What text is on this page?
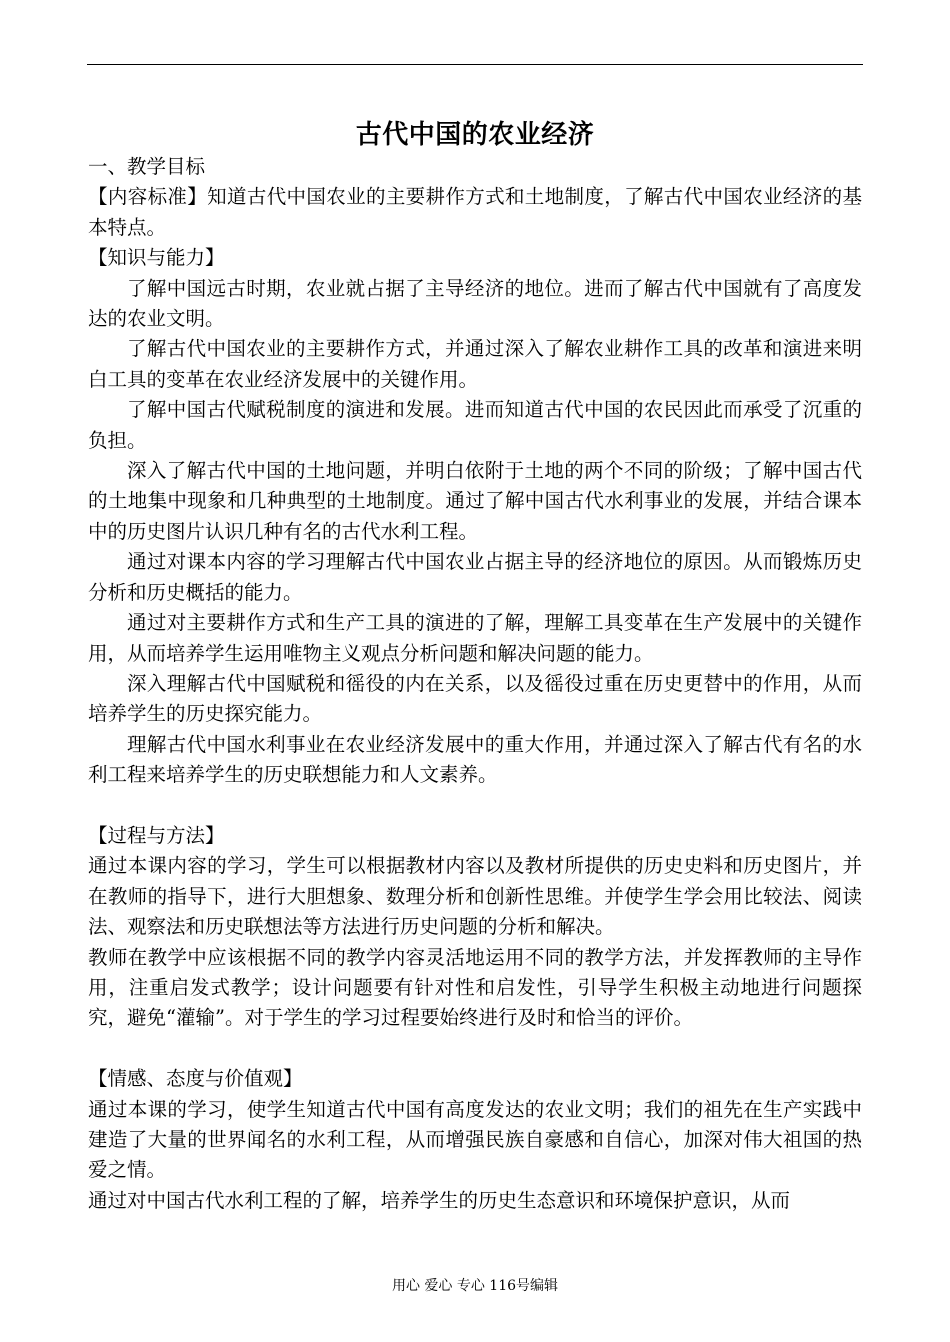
古代中国的农业经济

一、教学目标

【内容标准】知道古代中国农业的主要耕作方式和土地制度，了解古代中国农业经济的基本特点。

【知识与能力】

了解中国远古时期，农业就占据了主导经济的地位。进而了解古代中国就有了高度发达的农业文明。

了解古代中国农业的主要耕作方式，并通过深入了解农业耕作工具的改革和演进来明白工具的变革在农业经济发展中的关键作用。

了解中国古代赋税制度的演进和发展。进而知道古代中国的农民因此而承受了沉重的负担。

深入了解古代中国的土地问题，并明白依附于土地的两个不同的阶级；了解中国古代的土地集中现象和几种典型的土地制度。通过了解中国古代水利事业的发展，并结合课本中的历史图片认识几种有名的古代水利工程。

通过对课本内容的学习理解古代中国农业占据主导的经济地位的原因。从而锻炼历史分析和历史概括的能力。

通过对主要耕作方式和生产工具的演进的了解，理解工具变革在生产发展中的关键作用，从而培养学生运用唯物主义观点分析问题和解决问题的能力。

深入理解古代中国赋税和徭役的内在关系，以及徭役过重在历史更替中的作用，从而培养学生的历史探究能力。

理解古代中国水利事业在农业经济发展中的重大作用，并通过深入了解古代有名的水利工程来培养学生的历史联想能力和人文素养。

【过程与方法】

通过本课内容的学习，学生可以根据教材内容以及教材所提供的历史史料和历史图片，并在教师的指导下，进行大胆想象、数理分析和创新性思维。并使学生学会用比较法、阅读法、观察法和历史联想法等方法进行历史问题的分析和解决。

教师在教学中应该根据不同的教学内容灵活地运用不同的教学方法，并发挥教师的主导作用，注重启发式教学；设计问题要有针对性和启发性，引导学生积极主动地进行问题探究，避免“灌输”。对于学生的学习过程要始终进行及时和恰当的评价。

【情感、态度与价值观】

通过本课的学习，使学生知道古代中国有高度发达的农业文明；我们的祖先在生产实践中建造了大量的世界闻名的水利工程，从而增强民族自豪感和自信心，加深对伟大祖国的热爱之情。

通过对中国古代水利工程的了解，培养学生的历史生态意识和环境保护意识，从而

用心 爱心 专心 116号编辑
